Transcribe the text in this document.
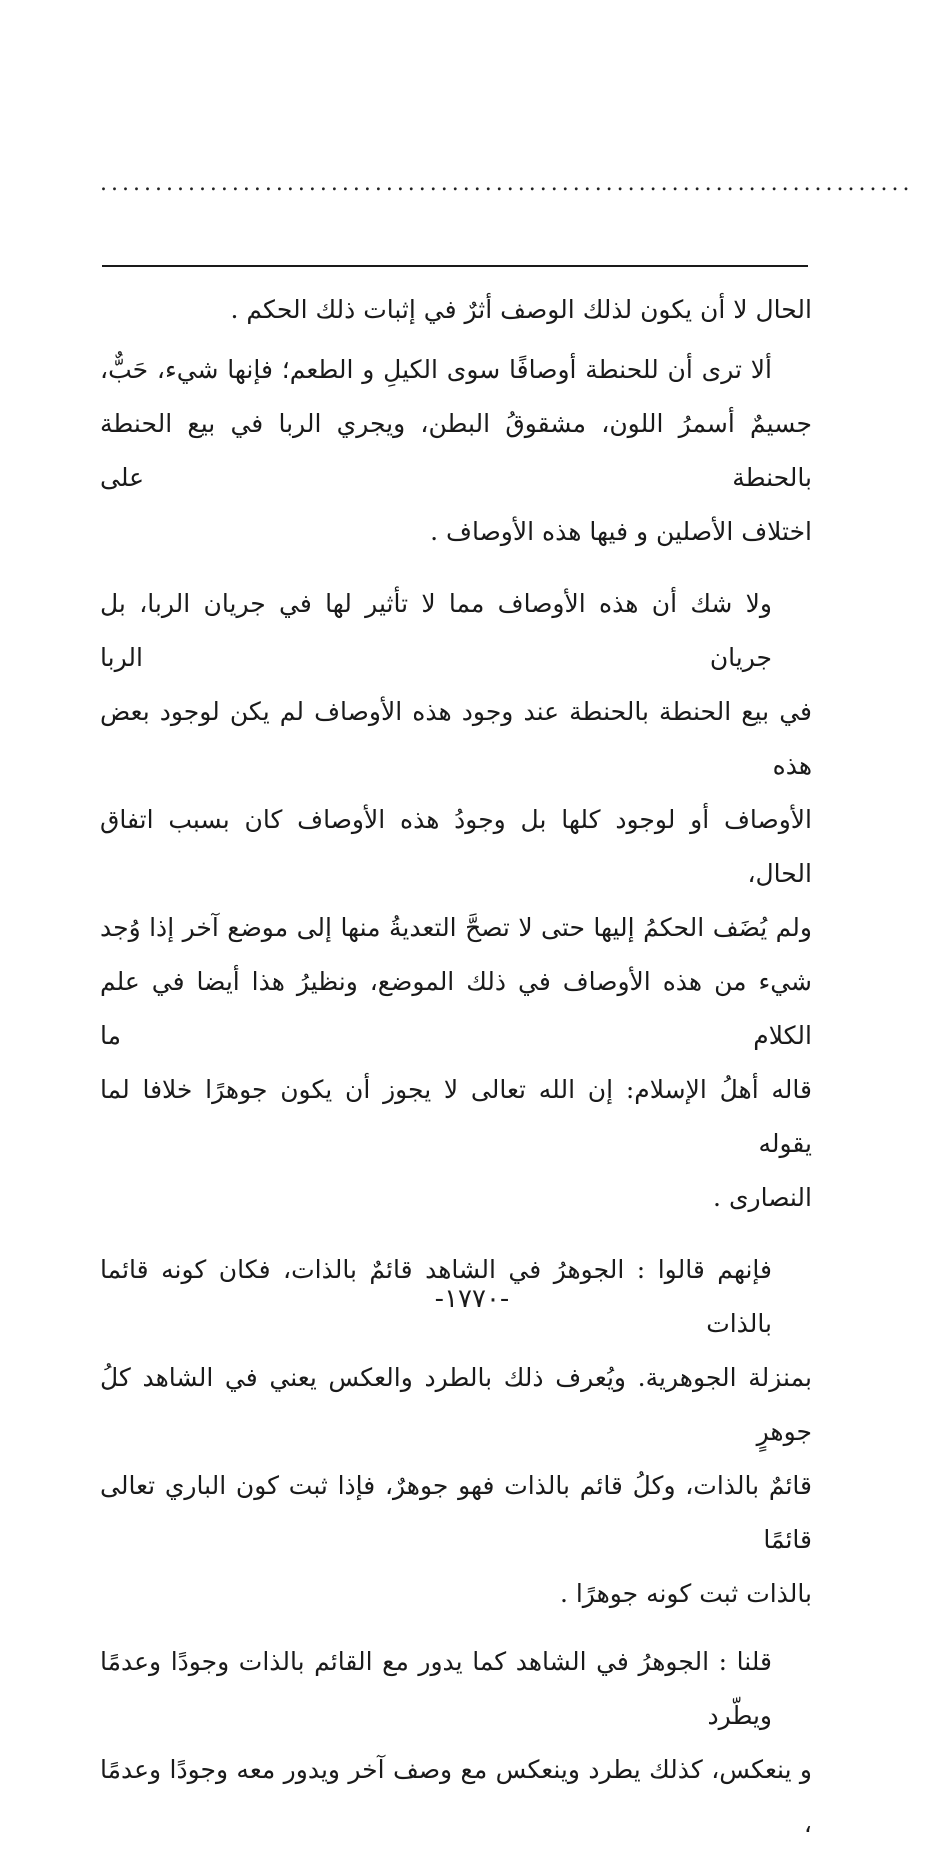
..........................................................................

الحال لا أن يكون لذلك الوصف أثرٌ في إثبات ذلك الحكم .

ألا ترى أن للحنطة أوصافًا سوى الكيلِ و الطعم؛ فإنها شيء، حَبٌّ،
جسيمٌ أسمرُ اللون، مشقوقُ البطن، ويجري الربا في بيع الحنطة بالحنطة على
اختلاف الأصلين و فيها هذه الأوصاف .

ولا شك أن هذه الأوصاف مما لا تأثير لها في جريان الربا، بل جريان الربا
في بيع الحنطة بالحنطة عند وجود هذه الأوصاف لم يكن لوجود بعض هذه
الأوصاف أو لوجود كلها بل وجودُ هذه الأوصاف كان بسبب اتفاق الحال،
ولم يُضَف الحكمُ إليها حتى لا تصحَّ التعديةُ منها إلى موضع آخر إذا وُجد
شيء من هذه الأوصاف في ذلك الموضع، ونظيرُ هذا أيضا في علم الكلام ما
قاله أهلُ الإسلام: إن الله تعالى لا يجوز أن يكون جوهرًا خلافا لما يقوله
النصارى .

فإنهم قالوا : الجوهرُ في الشاهد قائمٌ بالذات، فكان كونه قائما بالذات
بمنزلة الجوهرية. ويُعرف ذلك بالطرد والعكس يعني في الشاهد كلُ جوهرٍ
قائمٌ بالذات، وكلُ قائم بالذات فهو جوهرٌ، فإذا ثبت كون الباري تعالى قائمًا
بالذات ثبت كونه جوهرًا .

قلنا : الجوهرُ في الشاهد كما يدور مع القائم بالذات وجودًا وعدمًا ويطّرد
و ينعكس، كذلك يطرد وينعكس مع وصف آخر ويدور معه وجودًا وعدمًا ،

-١٧٧٠-
